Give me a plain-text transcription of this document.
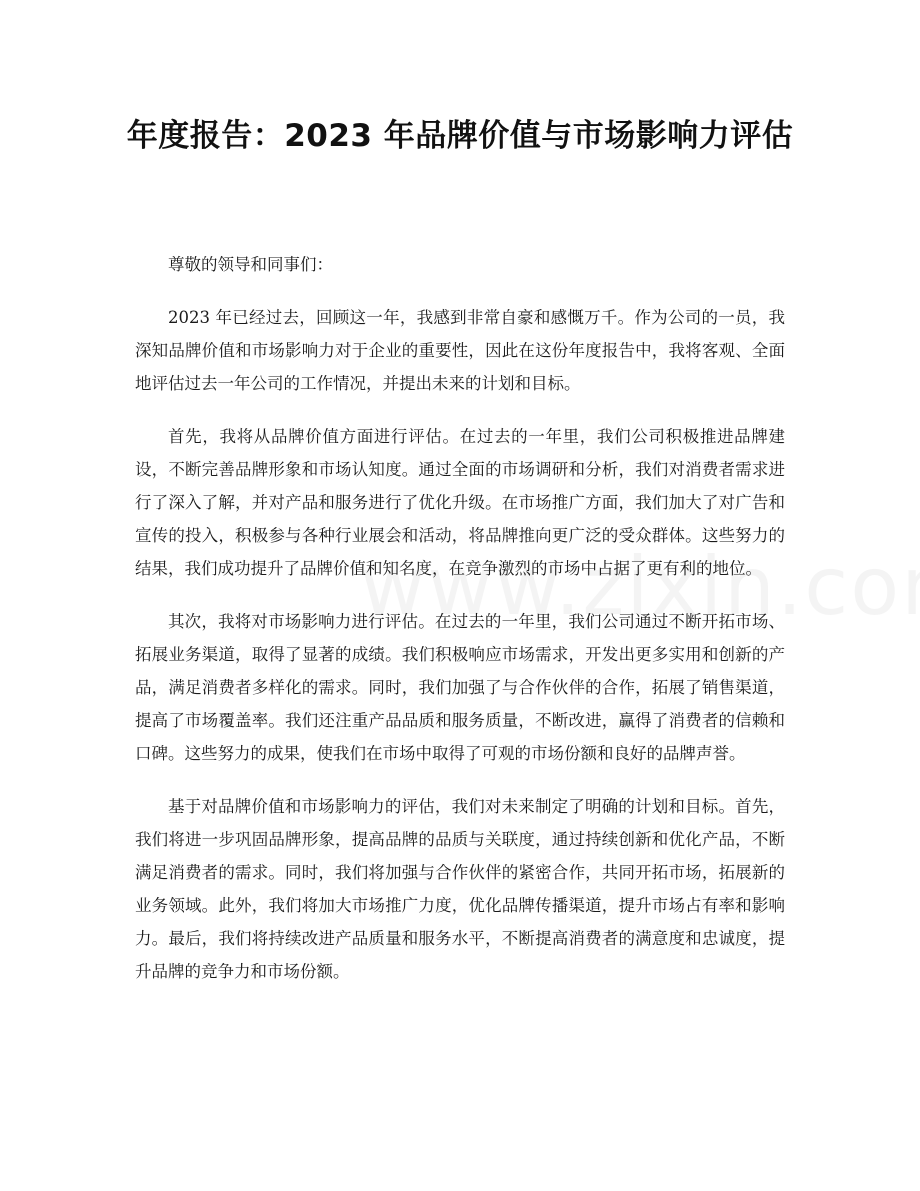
年度报告：2023 年品牌价值与市场影响力评估

尊敬的领导和同事们：

2023 年已经过去，回顾这一年，我感到非常自豪和感慨万千。作为公司的一员，我深知品牌价值和市场影响力对于企业的重要性，因此在这份年度报告中，我将客观、全面地评估过去一年公司的工作情况，并提出未来的计划和目标。

首先，我将从品牌价值方面进行评估。在过去的一年里，我们公司积极推进品牌建设，不断完善品牌形象和市场认知度。通过全面的市场调研和分析，我们对消费者需求进行了深入了解，并对产品和服务进行了优化升级。在市场推广方面，我们加大了对广告和宣传的投入，积极参与各种行业展会和活动，将品牌推向更广泛的受众群体。这些努力的结果，我们成功提升了品牌价值和知名度，在竞争激烈的市场中占据了更有利的地位。

其次，我将对市场影响力进行评估。在过去的一年里，我们公司通过不断开拓市场、拓展业务渠道，取得了显著的成绩。我们积极响应市场需求，开发出更多实用和创新的产品，满足消费者多样化的需求。同时，我们加强了与合作伙伴的合作，拓展了销售渠道，提高了市场覆盖率。我们还注重产品品质和服务质量，不断改进，赢得了消费者的信赖和口碑。这些努力的成果，使我们在市场中取得了可观的市场份额和良好的品牌声誉。

基于对品牌价值和市场影响力的评估，我们对未来制定了明确的计划和目标。首先，我们将进一步巩固品牌形象，提高品牌的品质与关联度，通过持续创新和优化产品，不断满足消费者的需求。同时，我们将加强与合作伙伴的紧密合作，共同开拓市场，拓展新的业务领域。此外，我们将加大市场推广力度，优化品牌传播渠道，提升市场占有率和影响力。最后，我们将持续改进产品质量和服务水平，不断提高消费者的满意度和忠诚度，提升品牌的竞争力和市场份额。
